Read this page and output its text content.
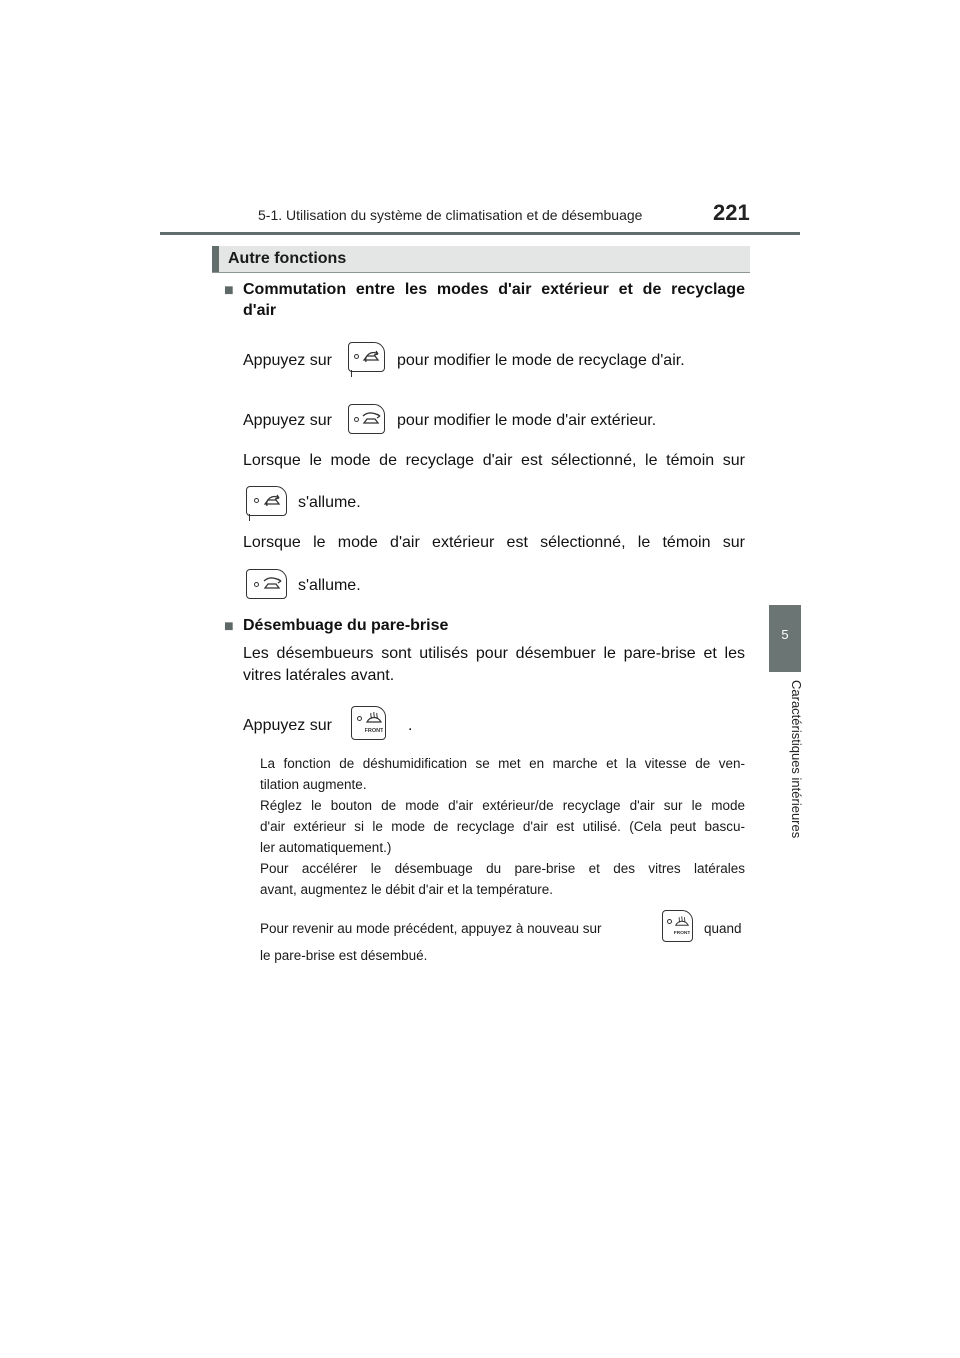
5-1. Utilisation du système de climatisation et de désembuage	221
5
Caractéristiques intérieures
Autre fonctions
■ Commutation entre les modes d'air extérieur et de recyclage
d'air
Appuyez sur	pour modifier le mode de recyclage d'air.
Appuyez sur	pour modifier le mode d'air extérieur.
Lorsque le mode de recyclage d'air est sélectionné, le témoin sur
s'allume.
Lorsque le mode d'air extérieur est sélectionné, le témoin sur
s'allume.
■ Désembuage du pare-brise
Les désembueurs sont utilisés pour désembuer le pare-brise et les
vitres latérales avant.
Appuyez sur	FRONT .
La fonction de déshumidification se met en marche et la vitesse de ven-
tilation augmente.
Réglez le bouton de mode d'air extérieur/de recyclage d'air sur le mode
d'air extérieur si le mode de recyclage d'air est utilisé. (Cela peut bascu-
ler automatiquement.)
Pour accélérer le désembuage du pare-brise et des vitres latérales
avant, augmentez le débit d'air et la température.
Pour revenir au mode précédent, appuyez à nouveau sur	FRONT quand
le pare-brise est désembué.
